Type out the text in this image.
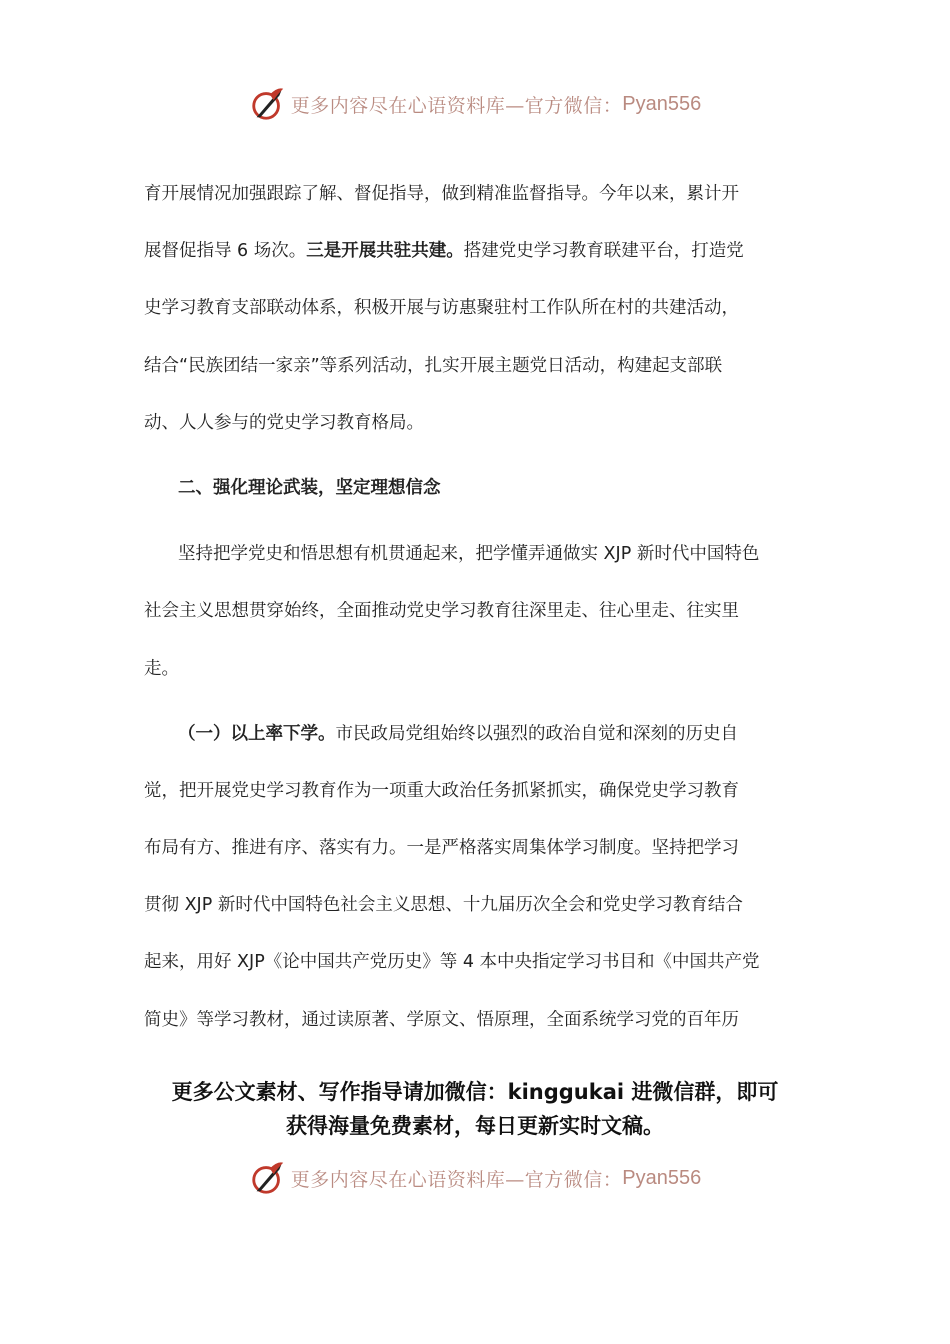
更多内容尽在心语资料库—官方微信： Pyan556
育开展情况加强跟踪了解、督促指导，做到精准监督指导。今年以来，累计开
展督促指导 6 场次。三是开展共驻共建。搭建党史学习教育联建平台，打造党
史学习教育支部联动体系，积极开展与访惠聚驻村工作队所在村的共建活动，
结合“民族团结一家亲”等系列活动，扎实开展主题党日活动，构建起支部联
动、人人参与的党史学习教育格局。
二、强化理论武装，坚定理想信念
坚持把学党史和悟思想有机贯通起来，把学懂弄通做实 XJP 新时代中国特色
社会主义思想贯穿始终，全面推动党史学习教育往深里走、往心里走、往实里
走。
（一）以上率下学。市民政局党组始终以强烈的政治自觉和深刻的历史自
觉，把开展党史学习教育作为一项重大政治任务抓紧抓实，确保党史学习教育
布局有方、推进有序、落实有力。一是严格落实周集体学习制度。坚持把学习
贯彻 XJP 新时代中国特色社会主义思想、十九届历次全会和党史学习教育结合
起来，用好 XJP《论中国共产党历史》等 4 本中央指定学习书目和《中国共产党
简史》等学习教材，通过读原著、学原文、悟原理，全面系统学习党的百年历
更多公文素材、写作指导请加微信：kinggukai 进微信群，即可
获得海量免费素材，每日更新实时文稿。
更多内容尽在心语资料库—官方微信： Pyan556
